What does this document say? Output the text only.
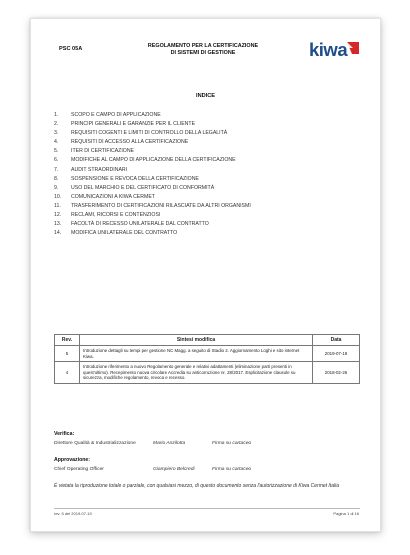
PSC 05A	REGOLAMENTO PER LA CERTIFICAZIONE
DI SISTEMI DI GESTIONE	kiwa
INDICE
1. SCOPO E CAMPO DI APPLICAZIONE
2. PRINCIPI GENERALI E GARANZIE PER IL CLIENTE
3. REQUISITI COGENTI E LIMITI DI CONTROLLO DELLA LEGALITÀ
4. REQUISITI DI ACCESSO ALLA CERTIFICAZIONE
5. ITER DI CERTIFICAZIONE
6. MODIFICHE AL CAMPO DI APPLICAZIONE DELLA CERTIFICAZIONE
7. AUDIT STRAORDINARI
8. SOSPENSIONE E REVOCA DELLA CERTIFICAZIONE
9. USO DEL MARCHIO E DEL CERTIFICATO DI CONFORMITÀ
10. COMUNICAZIONI A KIWA CERMET
11. TRASFERIMENTO DI CERTIFICAZIONI RILASCIATE DA ALTRI ORGANISMI
12. RECLAMI, RICORSI E CONTENZIOSI
13. FACOLTÀ DI RECESSO UNILATERALE DAL CONTRATTO
14. MODIFICA UNILATERALE DEL CONTRATTO
Rev.	Sintesi modifica	Data
5	Introduzione dettagli su tempi per gestione NC Magg. a seguito di Stadio 2. Aggiornamento Loghi e sito internet Kiwa.	2019-07-19
4	Introduzione riferimento a nuovo Regolamento generale e relativi adattamenti (eliminazione parti presenti in quest'ultimo). Recepimento nuova circolare Accredia su anticorruzione nr. 28/2017. Esplicitazione clausole su sicurezza, modifiche regolamento, revoca e recesso.	2018-02-26
Verifica:
Direttore Qualità & Industrializzazione	Mario Anzilotta	Firma su cartaceo
Approvazione:
Chief Operating Officer	Giampiero Belcredi	Firma su cartaceo
È vietata la riproduzione totale o parziale, con qualsiasi mezzo, di questo documento senza l'autorizzazione di Kiwa Cermet Italia
rev. 5 del 2019-07-19	Pagina 1 di 16
